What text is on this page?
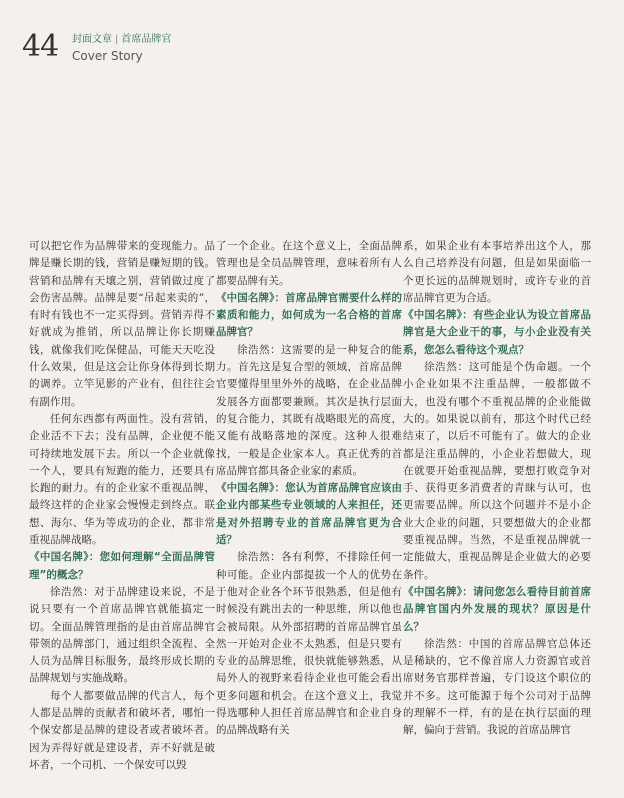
44 封面文章 | 首席品牌官
Cover Story

可以把它作为品牌带来的变现能力。品牌是赚长期的钱，营销是赚短期的钱。营销和品牌有天壤之别，营销做过度了会伤害品牌。品牌是要“吊起来卖的”，有时有钱也不一定买得到。营销弄得不好就成为推销，所以品牌让你长期赚钱，就像我们吃保健品，可能天天吃没什么效果，但是这会让你身体得到长期的调养。立竿见影的产业有，但往往会有副作用。

任何东西都有两面性。没有营销，企业活不下去；没有品牌，企业便不能可持续地发展下去。所以一个企业就像一个人，要具有短跑的能力，还要具有长跑的耐力。有的企业家不重视品牌，最终这样的企业家会慢慢走到终点。联想、海尔、华为等成功的企业，都非常重视品牌战略。

《中国名牌》：您如何理解“全面品牌管理”的概念？

徐浩然：对于品牌建设来说，不是说只要有一个首席品牌官就能搞定一切。全面品牌管理指的是由首席品牌官带领的品牌部门，通过组织全流程、全人员为品牌目标服务，最终形成长期的品牌规划与实施战略。

每个人都要做品牌的代言人，每个人都是品牌的贡献者和破坏者，哪怕一个保安都是品牌的建设者或者破坏者。因为弄得好就是建设者，弄不好就是破坏者，一个司机、一个保安可以毁

了一个企业。在这个意义上，全面品牌管理也是全员品牌管理，意味着所有人都要品牌有关。

《中国名牌》：首席品牌官需要什么样的素质和能力，如何成为一名合格的首席品牌官？

徐浩然：这需要的是一种复合的能力。首先这是复合型的领域，首席品牌官要懂得里里外外的战略，在企业品牌发展各方面都要兼顾。其次是执行层面的复合能力，其既有战略眼光的高度，又能有战略落地的深度。这种人很难找，一般是企业家本人。真正优秀的首席品牌官都具备企业家的素质。

《中国名牌》：您认为首席品牌官应该由企业内部某些专业领域的人来担任，还是对外招聘专业的首席品牌官更为合适？

徐浩然：各有利弊，不排除任何一种可能。企业内部提拔一个人的优势在于他对企业各个环节很熟悉，但是他有时候没有跳出去的一种思维，所以他也会被局限。从外部招聘的首席品牌官虽然一开始对企业不太熟悉，但是只要有专业的品牌思维，很快就能够熟悉，从局外人的视野来看待企业也可能会看出更多问题和机会。在这个意义上，我觉得选哪种人担任首席品牌官和企业自身的品牌战略有关

系，如果企业有本事培养出这个人，那么自己培养没有问题，但是如果面临一个更长远的品牌规划时，或许专业的首席品牌官更为合适。

《中国名牌》：有些企业认为设立首席品牌官是大企业干的事，与小企业没有关系，您怎么看待这个观点？

徐浩然：这可能是个伪命题。一个小企业如果不注重品牌，一般都做不大，也没有哪个不重视品牌的企业能做大的。如果说以前有，那这个时代已经结束了，以后不可能有了。做大的企业都是注重品牌的，小企业若想做大，现在就要开始重视品牌，要想打败竞争对手、获得更多消费者的青睐与认可，也更需要品牌。所以这个问题并不是小企业大企业的问题，只要想做大的企业都要重视品牌。当然，不是重视品牌就一定能做大，重视品牌是企业做大的必要条件。

《中国名牌》：请问您怎么看待目前首席品牌官国内外发展的现状？原因是什么？

徐浩然：中国的首席品牌官总体还是稀缺的，它不像首席人力资源官或首席财务官那样普遍，专门设这个职位的并不多。这可能源于每个公司对于品牌的理解不一样，有的是在执行层面的理解，偏向于营销。我说的首席品牌官
